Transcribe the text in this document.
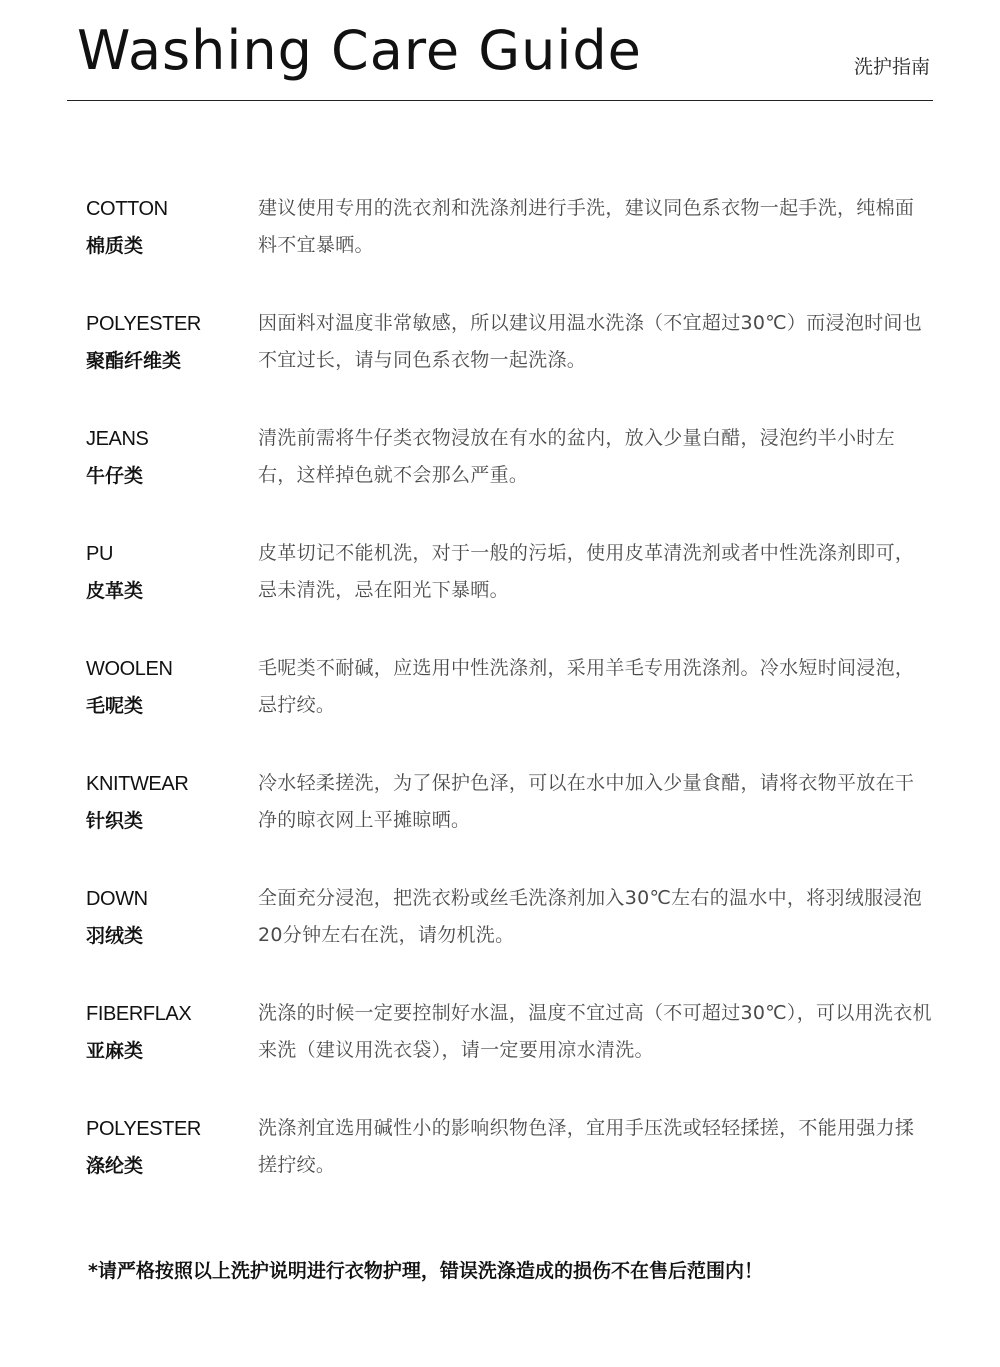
Washing Care Guide	洗护指南
COTTON
棉质类
建议使用专用的洗衣剂和洗涤剂进行手洗，建议同色系衣物一起手洗，纯棉面料不宜暴晒。
POLYESTER
聚酯纤维类
因面料对温度非常敏感，所以建议用温水洗涤（不宜超过30℃）而浸泡时间也不宜过长，请与同色系衣物一起洗涤。
JEANS
牛仔类
清洗前需将牛仔类衣物浸放在有水的盆内，放入少量白醋，浸泡约半小时左右，这样掉色就不会那么严重。
PU
皮革类
皮革切记不能机洗，对于一般的污垢，使用皮革清洗剂或者中性洗涤剂即可，忌未清洗，忌在阳光下暴晒。
WOOLEN
毛呢类
毛呢类不耐碱，应选用中性洗涤剂，采用羊毛专用洗涤剂。冷水短时间浸泡，忌拧绞。
KNITWEAR
针织类
冷水轻柔搓洗，为了保护色泽，可以在水中加入少量食醋，请将衣物平放在干净的晾衣网上平摊晾晒。
DOWN
羽绒类
全面充分浸泡，把洗衣粉或丝毛洗涤剂加入30℃左右的温水中，将羽绒服浸泡20分钟左右在洗，请勿机洗。
FIBERFLAX
亚麻类
洗涤的时候一定要控制好水温，温度不宜过高（不可超过30℃），可以用洗衣机来洗（建议用洗衣袋），请一定要用凉水清洗。
POLYESTER
涤纶类
洗涤剂宜选用碱性小的影响织物色泽，宜用手压洗或轻轻揉搓，不能用强力揉搓拧绞。
*请严格按照以上洗护说明进行衣物护理，错误洗涤造成的损伤不在售后范围内！
